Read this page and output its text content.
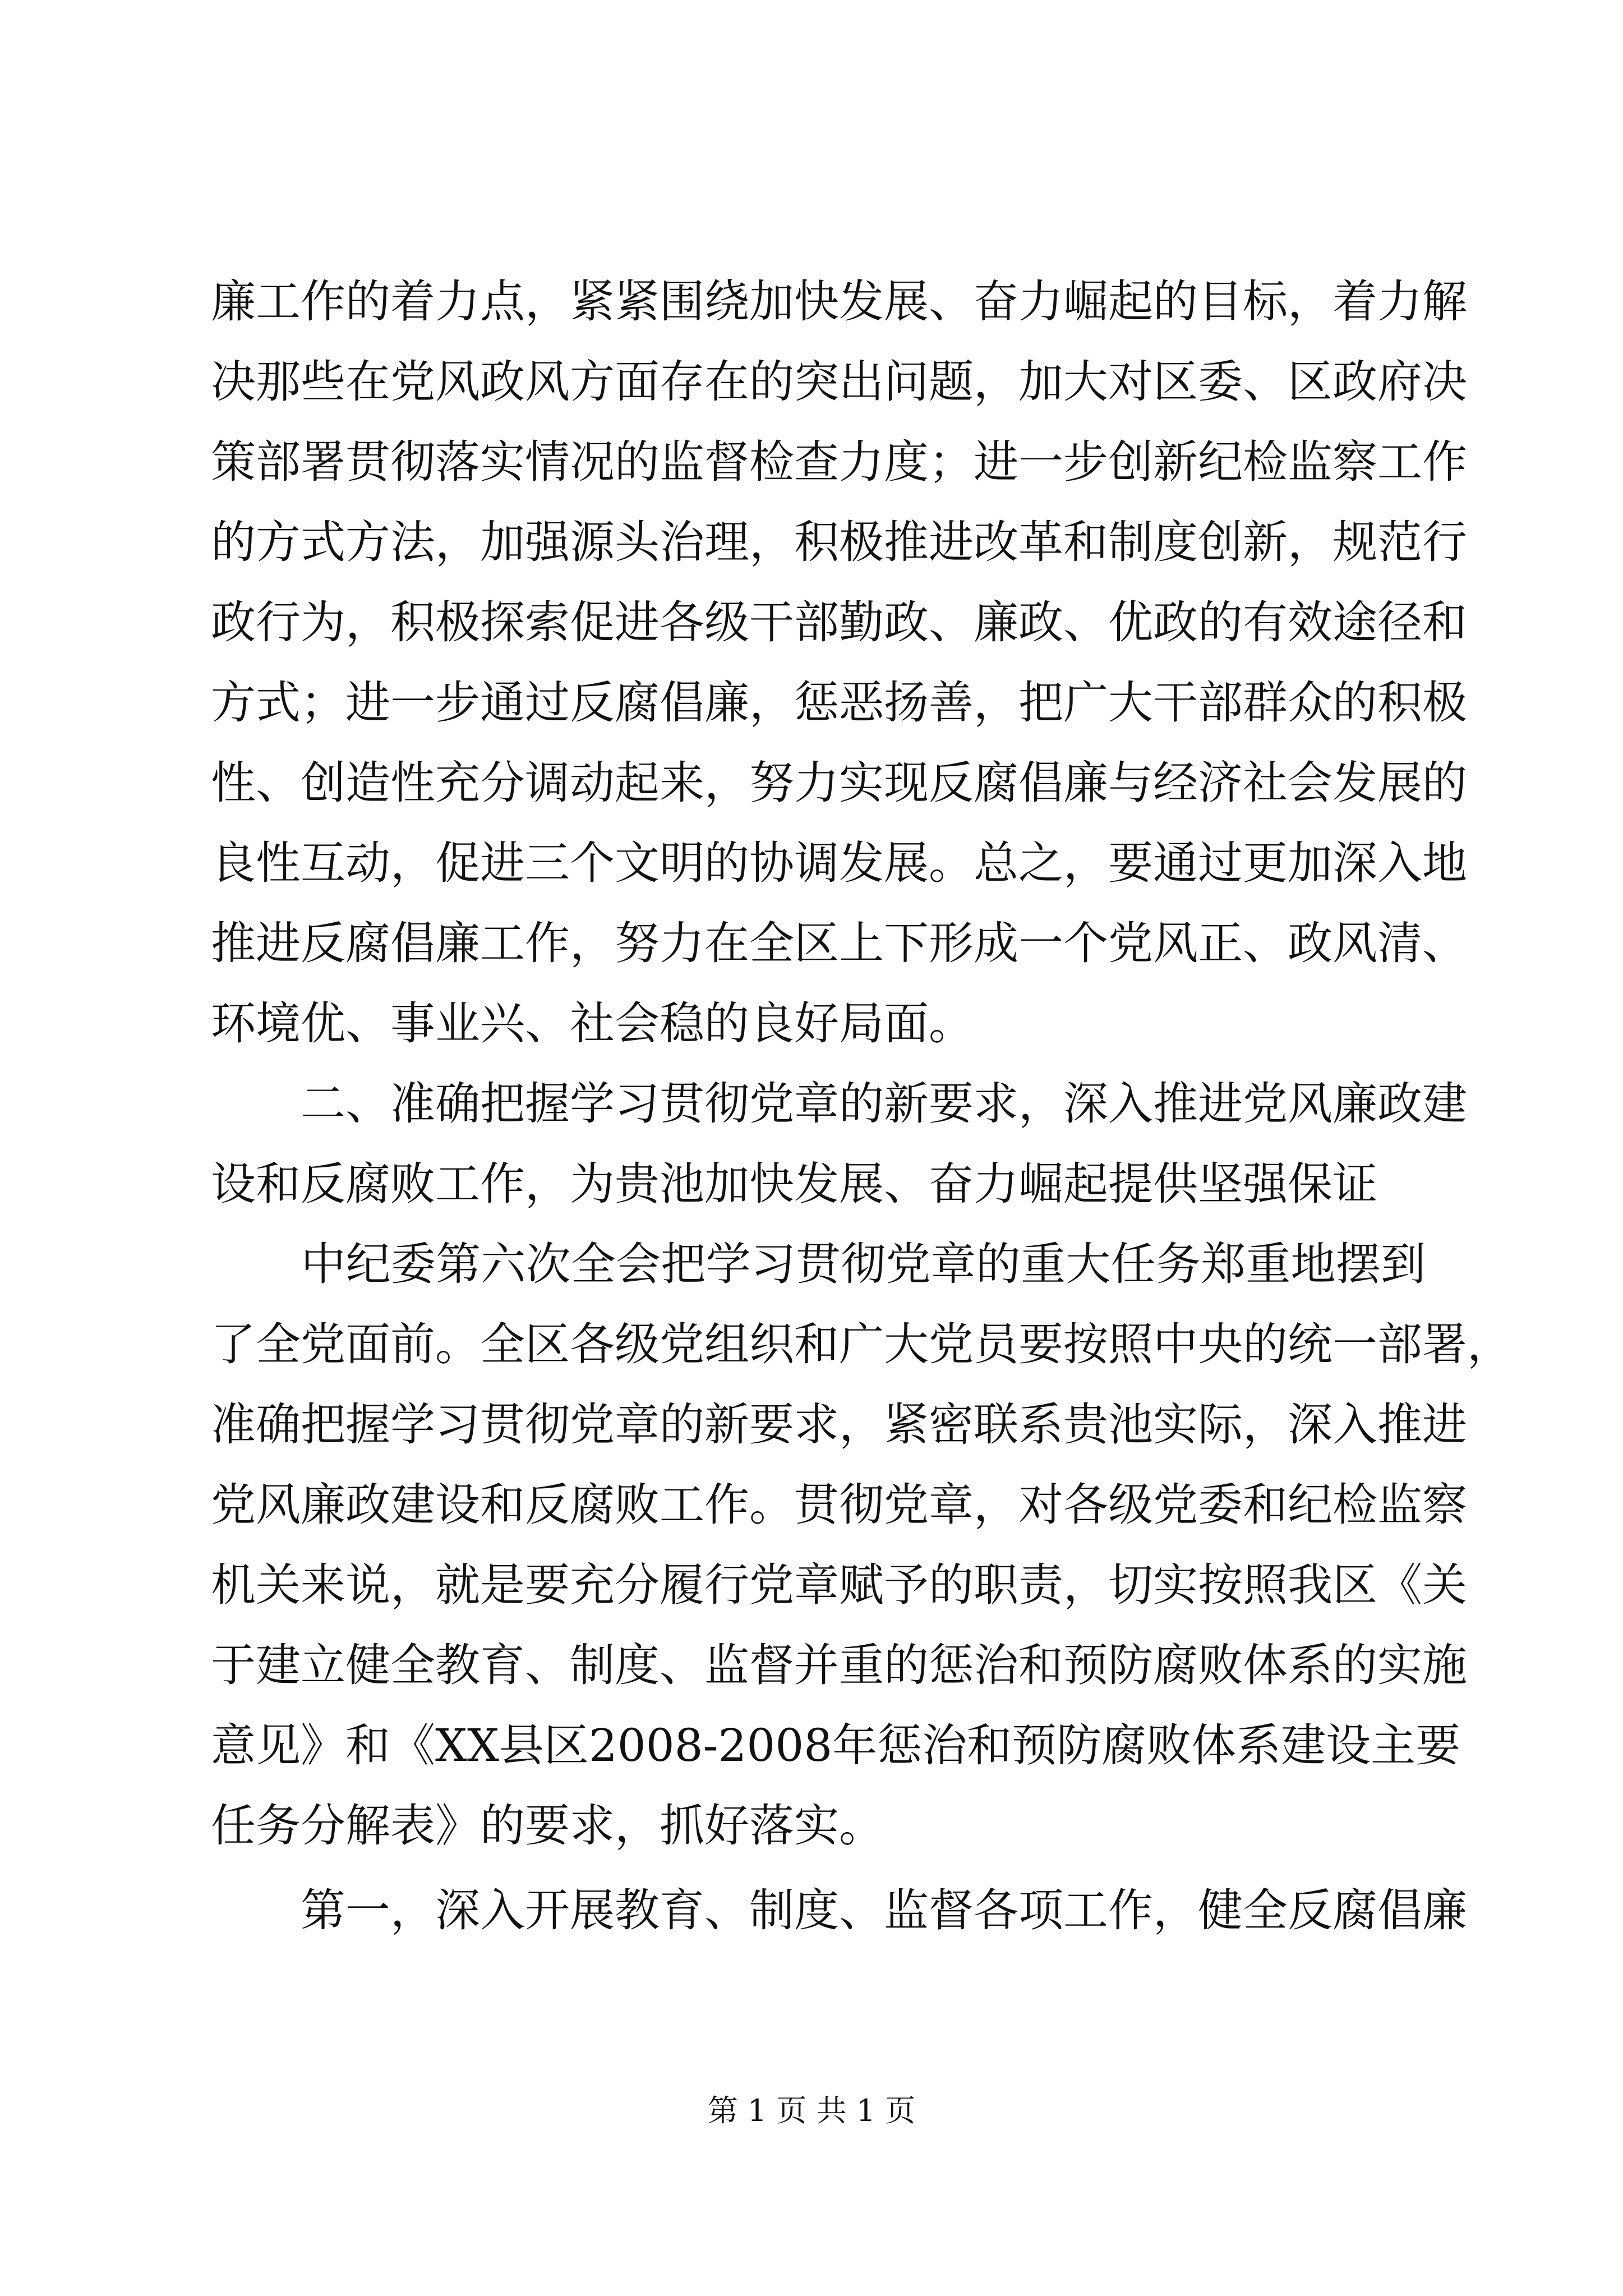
廉工作的着力点，紧紧围绕加快发展、奋力崛起的目标，着力解
决那些在党风政风方面存在的突出问题，加大对区委、区政府决
策部署贯彻落实情况的监督检查力度；进一步创新纪检监察工作
的方式方法，加强源头治理，积极推进改革和制度创新，规范行
政行为，积极探索促进各级干部勤政、廉政、优政的有效途径和
方式；进一步通过反腐倡廉，惩恶扬善，把广大干部群众的积极
性、创造性充分调动起来，努力实现反腐倡廉与经济社会发展的
良性互动，促进三个文明的协调发展。总之，要通过更加深入地
推进反腐倡廉工作，努力在全区上下形成一个党风正、政风清、
环境优、事业兴、社会稳的良好局面。
　　二、准确把握学习贯彻党章的新要求，深入推进党风廉政建
设和反腐败工作，为贵池加快发展、奋力崛起提供坚强保证
　　中纪委第六次全会把学习贯彻党章的重大任务郑重地摆到
了全党面前。全区各级党组织和广大党员要按照中央的统一部署，
准确把握学习贯彻党章的新要求，紧密联系贵池实际，深入推进
党风廉政建设和反腐败工作。贯彻党章，对各级党委和纪检监察
机关来说，就是要充分履行党章赋予的职责，切实按照我区《关
于建立健全教育、制度、监督并重的惩治和预防腐败体系的实施
意见》和《XX县区2008-2008年惩治和预防腐败体系建设主要
任务分解表》的要求，抓好落实。
　　第一，深入开展教育、制度、监督各项工作，健全反腐倡廉
第 1 页 共 1 页
